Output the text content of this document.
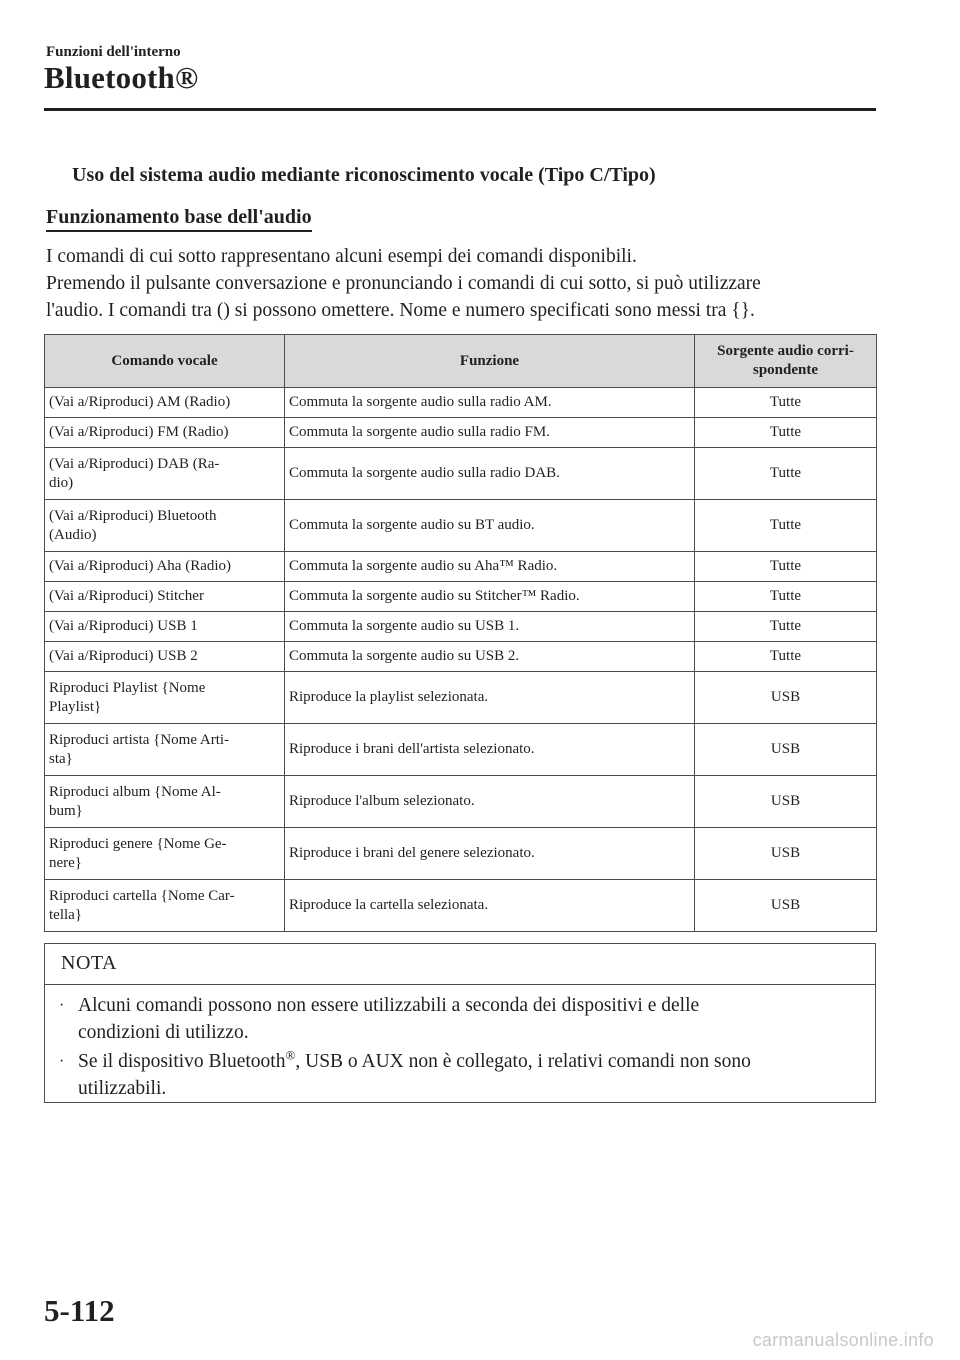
Funzioni dell'interno
Bluetooth®
Uso del sistema audio mediante riconoscimento vocale (Tipo C/Tipo)
Funzionamento base dell'audio
I comandi di cui sotto rappresentano alcuni esempi dei comandi disponibili.
Premendo il pulsante conversazione e pronunciando i comandi di cui sotto, si può utilizzare
l'audio. I comandi tra () si possono omettere. Nome e numero specificati sono messi tra {}.
Comando vocale	Funzione	Sorgente audio corri-
spondente
(Vai a/Riproduci) AM (Radio)	Commuta la sorgente audio sulla radio AM.	Tutte
(Vai a/Riproduci) FM (Radio)	Commuta la sorgente audio sulla radio FM.	Tutte
(Vai a/Riproduci) DAB (Ra-
dio)	Commuta la sorgente audio sulla radio DAB.	Tutte
(Vai a/Riproduci) Bluetooth
(Audio)	Commuta la sorgente audio su BT audio.	Tutte
(Vai a/Riproduci) Aha (Radio)	Commuta la sorgente audio su Aha™ Radio.	Tutte
(Vai a/Riproduci) Stitcher	Commuta la sorgente audio su Stitcher™ Radio.	Tutte
(Vai a/Riproduci) USB 1	Commuta la sorgente audio su USB 1.	Tutte
(Vai a/Riproduci) USB 2	Commuta la sorgente audio su USB 2.	Tutte
Riproduci Playlist {Nome
Playlist}	Riproduce la playlist selezionata.	USB
Riproduci artista {Nome Arti-
sta}	Riproduce i brani dell'artista selezionato.	USB
Riproduci album {Nome Al-
bum}	Riproduce l'album selezionato.	USB
Riproduci genere {Nome Ge-
nere}	Riproduce i brani del genere selezionato.	USB
Riproduci cartella {Nome Car-
tella}	Riproduce la cartella selezionata.	USB
NOTA
· Alcuni comandi possono non essere utilizzabili a seconda dei dispositivi e delle
condizioni di utilizzo.
· Se il dispositivo Bluetooth®, USB o AUX non è collegato, i relativi comandi non sono
utilizzabili.
5-112
carmanualsonline.info
